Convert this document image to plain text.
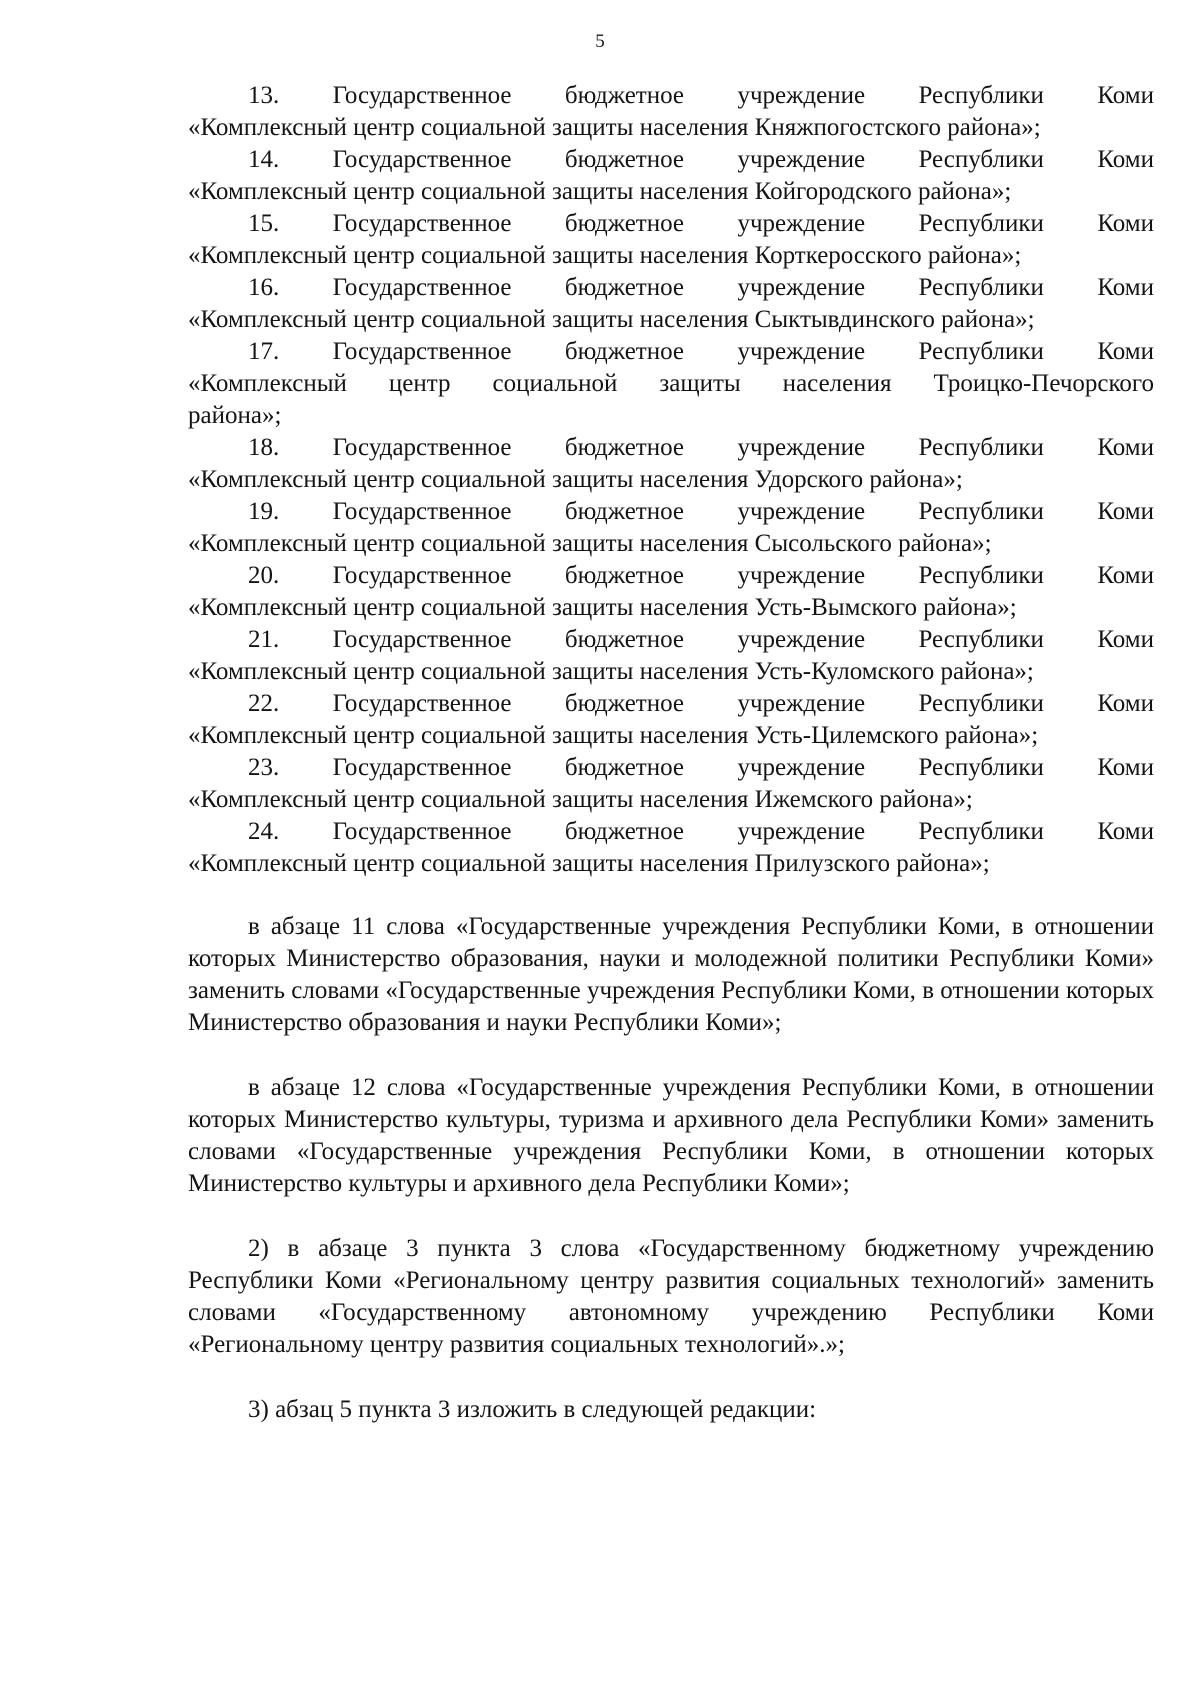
5
13. Государственное бюджетное учреждение Республики Коми
«Комплексный центр социальной защиты населения Княжпогостского района»;
14. Государственное бюджетное учреждение Республики Коми
«Комплексный центр социальной защиты населения Койгородского района»;
15. Государственное бюджетное учреждение Республики Коми
«Комплексный центр социальной защиты населения Корткеросского района»;
16. Государственное бюджетное учреждение Республики Коми
«Комплексный центр социальной защиты населения Сыктывдинского района»;
17. Государственное бюджетное учреждение Республики Коми
«Комплексный центр социальной защиты населения Троицко-Печорского
района»;
18. Государственное бюджетное учреждение Республики Коми
«Комплексный центр социальной защиты населения Удорского района»;
19. Государственное бюджетное учреждение Республики Коми
«Комплексный центр социальной защиты населения Сысольского района»;
20. Государственное бюджетное учреждение Республики Коми
«Комплексный центр социальной защиты населения Усть-Вымского района»;
21. Государственное бюджетное учреждение Республики Коми
«Комплексный центр социальной защиты населения Усть-Куломского района»;
22. Государственное бюджетное учреждение Республики Коми
«Комплексный центр социальной защиты населения Усть-Цилемского района»;
23. Государственное бюджетное учреждение Республики Коми
«Комплексный центр социальной защиты населения Ижемского района»;
24. Государственное бюджетное учреждение Республики Коми
«Комплексный центр социальной защиты населения Прилузского района»;
в абзаце 11 слова «Государственные учреждения Республики Коми, в отношении которых Министерство образования, науки и молодежной политики Республики Коми» заменить словами «Государственные учреждения Республики Коми, в отношении которых Министерство образования и науки Республики Коми»;
в абзаце 12 слова «Государственные учреждения Республики Коми, в отношении которых Министерство культуры, туризма и архивного дела Республики Коми» заменить словами «Государственные учреждения Республики Коми, в отношении которых Министерство культуры и архивного дела Республики Коми»;
2) в абзаце 3 пункта 3 слова «Государственному бюджетному учреждению Республики Коми «Региональному центру развития социальных технологий» заменить словами «Государственному автономному учреждению Республики Коми «Региональному центру развития социальных технологий».»;
3) абзац 5 пункта 3 изложить в следующей редакции:
